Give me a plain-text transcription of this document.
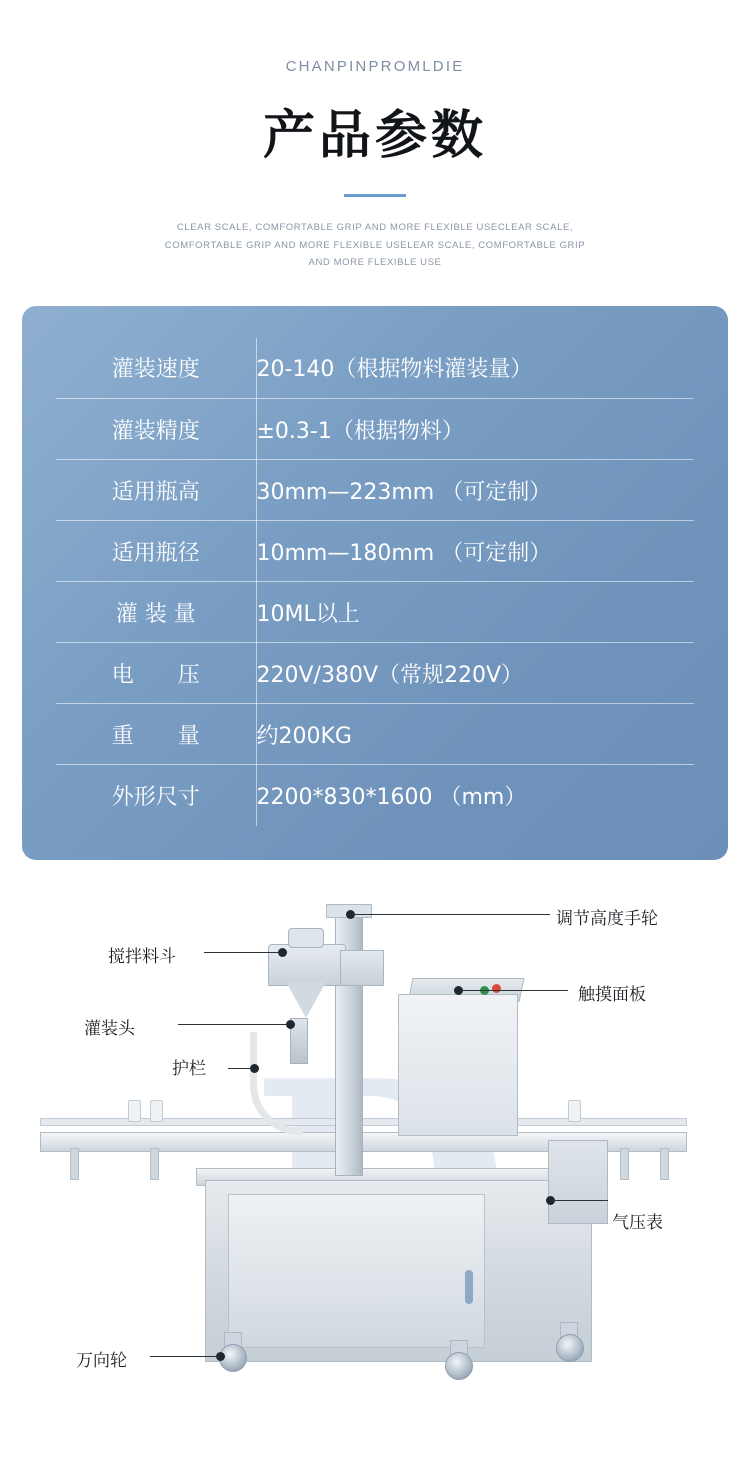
CHANPINPROMLDIE
产品参数
CLEAR SCALE, COMFORTABLE GRIP AND MORE FLEXIBLE USECLEAR SCALE, COMFORTABLE GRIP AND MORE FLEXIBLE USELEAR SCALE, COMFORTABLE GRIP AND MORE FLEXIBLE USE
灌装速度	20-140（根据物料灌装量）
灌装精度	±0.3-1（根据物料）
适用瓶高	30mm—223mm （可定制）
适用瓶径	10mm—180mm （可定制）
灌 装 量	10ML以上
电　　压	220V/380V（常规220V）
重　　量	约200KG
外形尺寸	2200*830*1600 （mm）
调节高度手轮
搅拌料斗
触摸面板
灌装头
护栏
气压表
万向轮
